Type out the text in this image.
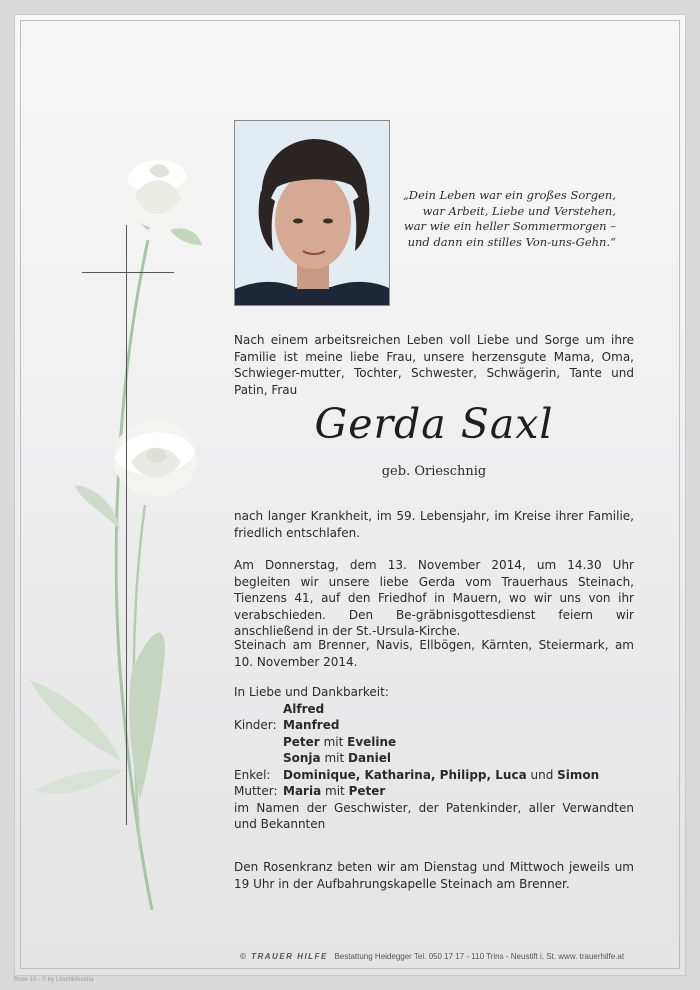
„Dein Leben war ein großes Sorgen,
war Arbeit, Liebe und Verstehen,
war wie ein heller Sommermorgen –
und dann ein stilles Von-uns-Gehn.“
Nach einem arbeitsreichen Leben voll Liebe und Sorge um ihre Familie ist meine liebe Frau, unsere herzensgute Mama, Oma, Schwieger-mutter, Tochter, Schwester, Schwägerin, Tante und Patin, Frau
Gerda Saxl
geb. Orieschnig
nach langer Krankheit, im 59. Lebensjahr, im Kreise ihrer Familie, friedlich entschlafen.
Am Donnerstag, dem 13. November 2014, um 14.30 Uhr begleiten wir unsere liebe Gerda vom Trauerhaus Steinach, Tienzens 41, auf den Friedhof in Mauern, wo wir uns von ihr verabschieden. Den Be-gräbnisgottesdienst feiern wir anschließend in der St.-Ursula-Kirche.
Steinach am Brenner, Navis, Ellbögen, Kärnten, Steiermark, am 10. November 2014.
In Liebe und Dankbarkeit:
Alfred
Kinder: Manfred
Peter mit Eveline
Sonja mit Daniel
Enkel: Dominique, Katharina, Philipp, Luca und Simon
Mutter: Maria mit Peter
im Namen der Geschwister, der Patenkinder, aller Verwandten und Bekannten
Den Rosenkranz beten wir am Dienstag und Mittwoch jeweils um 19 Uhr in der Aufbahrungskapelle Steinach am Brenner.
© TRAUER HILFE Bestattung Heidegger Tel. 050 17 17 - 110 Trins - Neustift i. St. www. trauerhilfe.at
Rose 10 - © by Löschl/Austria
